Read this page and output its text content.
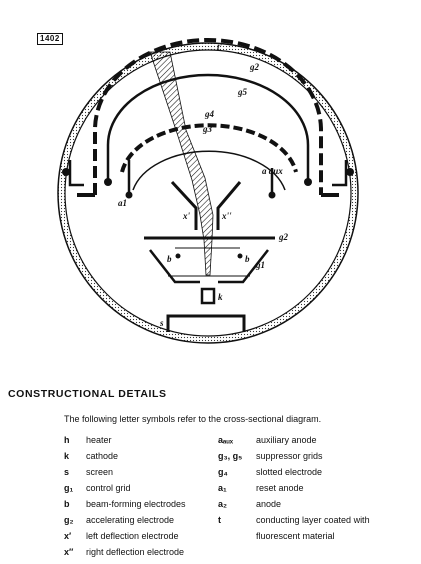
t'
g2
g5
g4
g3
a1
a aux
x'	x''
g2
b	b
g1
k
s
1402
CONSTRUCTIONAL DETAILS
The following letter symbols refer to the cross-sectional diagram.
h heater
k cathode
s screen
g₁ control grid
b beam-forming electrodes
g₂ accelerating electrode
x′ left deflection electrode
x″ right deflection electrode
aₐᵤₓ	auxiliary anode
g₃, g₅ suppressor grids
g₄	slotted electrode
a₁	reset anode
a₂	anode
t	conducting layer coated with
fluorescent material
